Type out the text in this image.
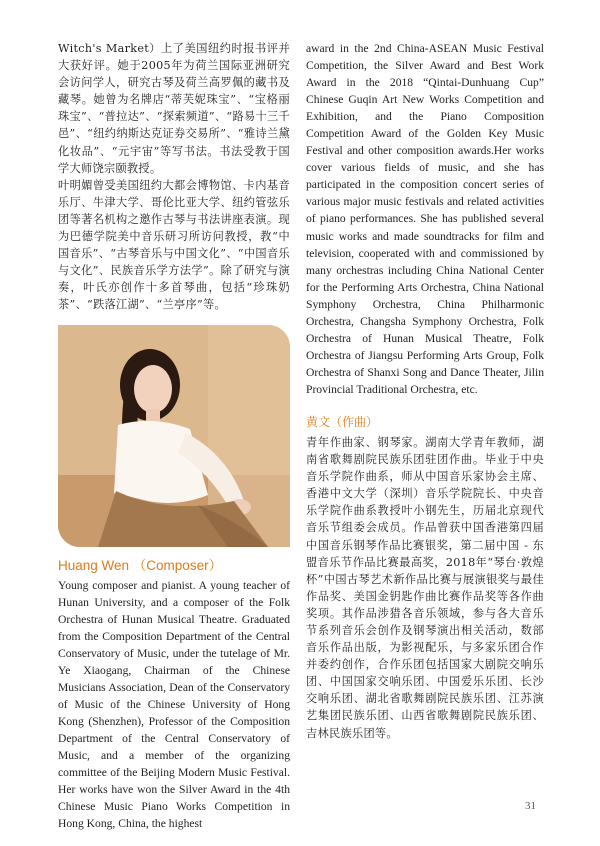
Witch's Market）上了美国纽约时报书评并大获好评。她于2005年为荷兰国际亚洲研究会访问学人，研究古琴及荷兰高罗佩的藏书及藏琴。她曾为名牌店“蒂芙妮珠宝”、“宝格丽珠宝”、“普拉达”、“探索频道”、“路易十三千邑”、“纽约纳斯达克证券交易所”、“雅诗兰黛化妆品”、“元宇宙”等写书法。书法受教于国学大师饶宗颐教授。

叶明媚曾受美国纽约大都会博物馆、卡内基音乐厅、牛津大学、哥伦比亚大学、纽约管弦乐团等著名机构之邀作古琴与书法讲座表演。现为巴德学院美中音乐研习所访问教授，教“中国音乐”、“古琴音乐与中国文化”、“中国音乐与文化”、民族音乐学方法学”。除了研究与演奏，叶氏亦创作十多首琴曲，包括“珍珠奶茶”、“跌落江湖”、“兰亭序”等。

Huang Wen （Composer）

Young composer and pianist. A young teacher of Hunan University, and a composer of the Folk Orchestra of Hunan Musical Theatre. Graduated from the Composition Department of the Central Conservatory of Music, under the tutelage of Mr. Ye Xiaogang, Chairman of the Chinese Musicians Association, Dean of the Conservatory of Music of the Chinese University of Hong Kong (Shenzhen), Professor of the Composition Department of the Central Conservatory of Music, and a member of the organizing committee of the Beijing Modern Music Festival. Her works have won the Silver Award in the 4th Chinese Music Piano Works Competition in Hong Kong, China, the highest

award in the 2nd China-ASEAN Music Festival Competition, the Silver Award and Best Work Award in the 2018 “Qintai-Dunhuang Cup” Chinese Guqin Art New Works Competition and Exhibition, and the Piano Composition Competition Award of the Golden Key Music Festival and other composition awards.Her works cover various fields of music, and she has participated in the composition concert series of various major music festivals and related activities of piano performances. She has published several music works and made soundtracks for film and television, cooperated with and commissioned by many orchestras including China National Center for the Performing Arts Orchestra, China National Symphony Orchestra, China Philharmonic Orchestra, Changsha Symphony Orchestra, Folk Orchestra of Hunan Musical Theatre, Folk Orchestra of Jiangsu Performing Arts Group, Folk Orchestra of Shanxi Song and Dance Theater, Jilin Provincial Traditional Orchestra, etc.

黄文（作曲）

青年作曲家、钢琴家。湖南大学青年教师，湖南省歌舞剧院民族乐团驻团作曲。毕业于中央音乐学院作曲系，师从中国音乐家协会主席、香港中文大学（深圳）音乐学院院长、中央音乐学院作曲系教授叶小钢先生，历届北京现代音乐节组委会成员。作品曾获中国香港第四届中国音乐钢琴作品比赛银奖，第二届中国 - 东盟音乐节作品比赛最高奖，2018年“琴台·敦煌杯”中国古琴艺术新作品比赛与展演银奖与最佳作品奖、美国金钥匙作曲比赛作品奖等各作曲奖项。其作品涉猎各音乐领域，参与各大音乐节系列音乐会创作及钢琴演出相关活动，数部音乐作品出版，为影视配乐，与多家乐团合作并委约创作，合作乐团包括国家大剧院交响乐团、中国国家交响乐团、中国爱乐乐团、长沙交响乐团、湖北省歌舞剧院民族乐团、江苏演艺集团民族乐团、山西省歌舞剧院民族乐团、吉林民族乐团等。

31
